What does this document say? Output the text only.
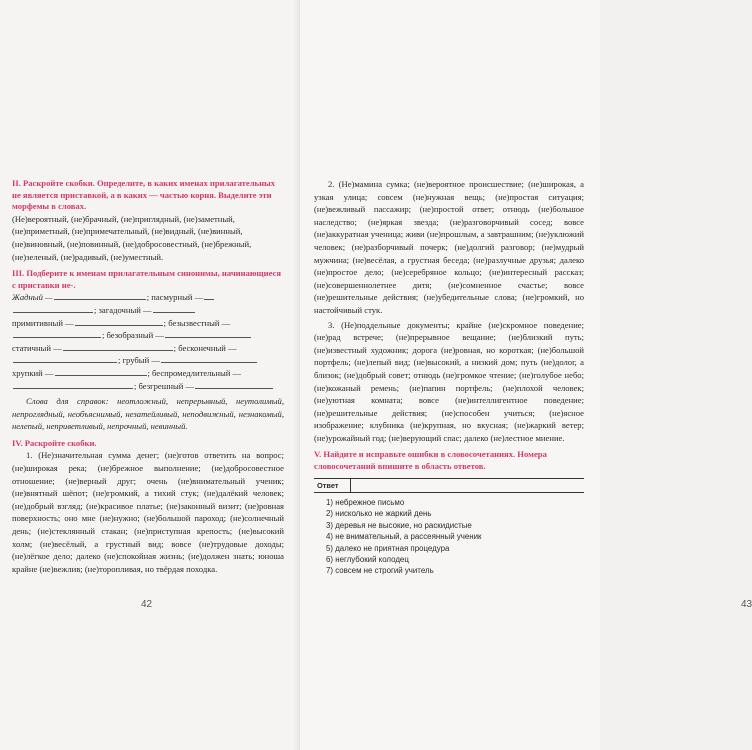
II. Раскройте скобки. Определите, в каких именах прилагательных не является приставкой, а в каких — частью корня. Выделите эти морфемы в словах.

(Не)вероятный, (не)брачный, (не)приглядный, (не)заметный,

(не)приметный, (не)примечательный, (не)видный, (не)винный,

(не)виновный, (не)повинный, (не)добросовестный, (не)брежный,

(не)зеленый, (не)радивый, (не)уместный.

III. Подберите к именам прилагательным синонимы, начинающиеся с приставки не-.
Жадный —	; пасмурный —
; загадочный —
примитивный —	; безызвестный —
; безобразный —
статичный —	; бесконечный —
; грубый —
хрупкий —	; беспромедлительный —
; безгрешный —

Слова для справок: неотложный, непрерывный, неутолимый, непроглядный, необъяснимый, незатейливый, неподвижный, незнакомый, нелепый, неприветливый, непрочный, невинный.

IV. Раскройте скобки.

1. (Не)значительная сумма денег; (не)готов ответить на вопрос; (не)широкая река; (не)брежное выполнение; (не)добросовестное отношение; (не)верный друг; очень (не)внимательный ученик; (не)внятный шёпот; (не)громкий, а тихий стук; (не)далёкий человек; (не)добрый взгляд; (не)красивое платье; (не)законный визит; (не)ровная поверхность; оно мне (не)нужно; (не)большой пароход; (не)солнечный день; (не)стеклянный стакан; (не)приступная крепость; (не)высокий холм; (не)весёлый, а грустный вид; вовсе (не)трудовые доходы; (не)лёгкое дело; далеко (не)спокойная жизнь; (не)должен знать; юноша крайне (не)вежлив; (не)торопливая, но твёрдая походка.

42	43

2. (Не)мамина сумка; (не)вероятное происшествие; (не)широкая, а узкая улица; совсем (не)нужная вещь; (не)простая ситуация; (не)вежливый пассажир; (не)простой ответ; отнюдь (не)большое наследство; (не)яркая звезда; (не)разговорчивый сосед; вовсе (не)аккуратная ученица; живи (не)прошлым, а завтрашним; (не)уклюжий человек; (не)разборчивый почерк; (не)долгий разговор; (не)мудрый мужчина; (не)весёлая, а грустная беседа; (не)разлучные друзья; далеко (не)простое дело; (не)серебряное кольцо; (не)интересный рассказ; (не)совершеннолетнее дитя; (не)сомненное счастье; вовсе (не)решительные действия; (не)убедительные слова; (не)громкий, но настойчивый стук.

3. (Не)поддельные документы; крайне (не)скромное поведение; (не)рад встрече; (не)прерывное вещание; (не)близкий путь; (не)известный художник; дорога (не)ровная, но короткая; (не)большой портфель; (не)лепый вид; (не)высокий, а низкий дом; путь (не)долог, а близок; (не)добрый совет; отнюдь (не)громкое чтение; (не)голубое небо; (не)кожаный ремень; (не)папин портфель; (не)плохой человек; (не)уютная комната; вовсе (не)интеллигентное поведение; (не)решительные действия; (не)способен учиться; (не)ясное изображение; клубника (не)крупная, но вкусная; (не)жаркий ветер; (не)урожайный год; (не)верующий спас; далеко (не)лестное мнение.

V. Найдите и исправьте ошибки в словосочетаниях. Номера словосочетаний впишите в область ответов.
Ответ
1) небрежное письмо
2) нисколько не жаркий день
3) деревья не высокие, но раскидистые
4) не внимательный, а рассеянный ученик
5) далеко не приятная процедура
6) неглубокий колодец
7) совсем не строгий учитель
